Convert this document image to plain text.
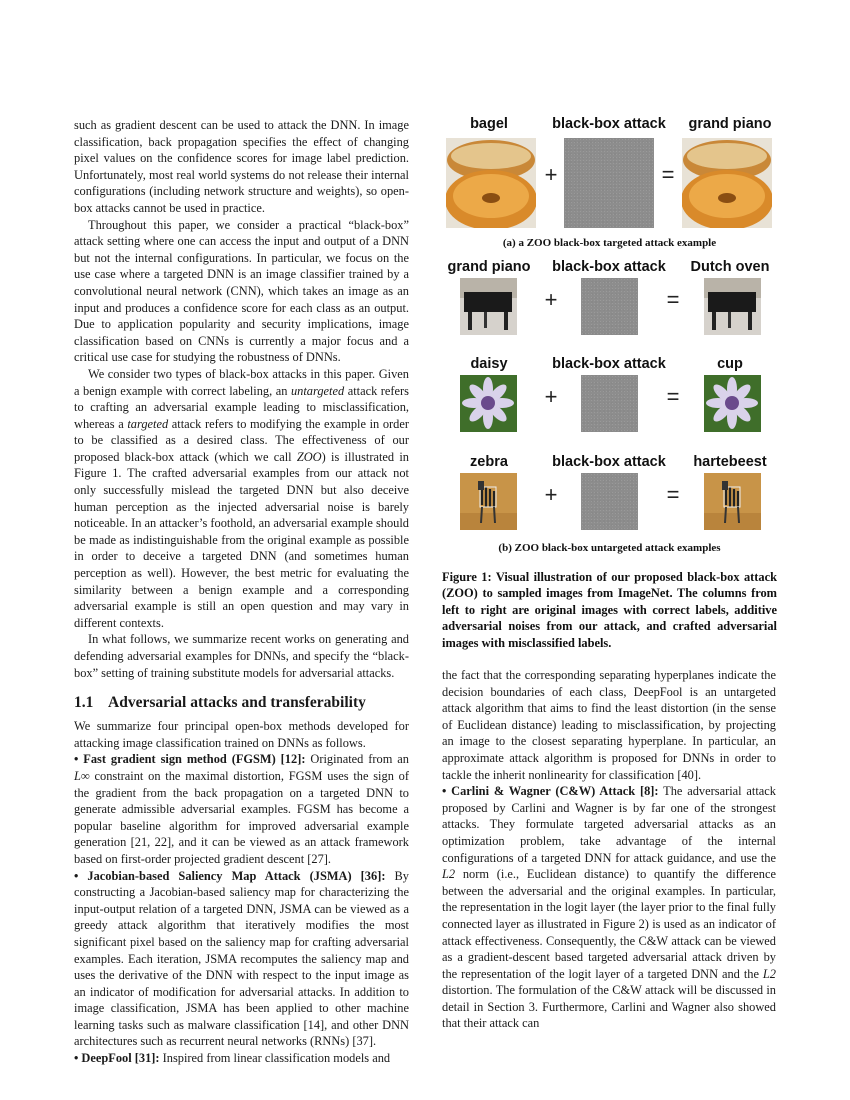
such as gradient descent can be used to attack the DNN. In image classification, back propagation specifies the effect of changing pixel values on the confidence scores for image label prediction. Unfortunately, most real world systems do not release their internal configurations (including network structure and weights), so open-box attacks cannot be used in practice.

Throughout this paper, we consider a practical “black-box” attack setting where one can access the input and output of a DNN but not the internal configurations. In particular, we focus on the use case where a targeted DNN is an image classifier trained by a convolutional neural network (CNN), which takes an image as an input and produces a confidence score for each class as an output. Due to application popularity and security implications, image classification based on CNNs is currently a major focus and a critical use case for studying the robustness of DNNs.

We consider two types of black-box attacks in this paper. Given a benign example with correct labeling, an untargeted attack refers to crafting an adversarial example leading to misclassification, whereas a targeted attack refers to modifying the example in order to be classified as a desired class. The effectiveness of our proposed black-box attack (which we call ZOO) is illustrated in Figure 1. The crafted adversarial examples from our attack not only successfully mislead the targeted DNN but also deceive human perception as the injected adversarial noise is barely noticeable. In an attacker’s foothold, an adversarial example should be made as indistinguishable from the original example as possible in order to deceive a targeted DNN (and sometimes human perception as well). However, the best metric for evaluating the similarity between a benign example and a corresponding adversarial example is still an open question and may vary in different contexts.

In what follows, we summarize recent works on generating and defending adversarial examples for DNNs, and specify the “black-box” setting of training substitute models for adversarial attacks.

1.1 Adversarial attacks and transferability

We summarize four principal open-box methods developed for attacking image classification trained on DNNs as follows.

• Fast gradient sign method (FGSM) [12]: Originated from an L∞ constraint on the maximal distortion, FGSM uses the sign of the gradient from the back propagation on a targeted DNN to generate admissible adversarial examples. FGSM has become a popular baseline algorithm for improved adversarial example generation [21, 22], and it can be viewed as an attack framework based on first-order projected gradient descent [27].

• Jacobian-based Saliency Map Attack (JSMA) [36]: By constructing a Jacobian-based saliency map for characterizing the input-output relation of a targeted DNN, JSMA can be viewed as a greedy attack algorithm that iteratively modifies the most significant pixel based on the saliency map for crafting adversarial examples. Each iteration, JSMA recomputes the saliency map and uses the derivative of the DNN with respect to the input image as an indicator of modification for adversarial attacks. In addition to image classification, JSMA has been applied to other machine learning tasks such as malware classification [14], and other DNN architectures such as recurrent neural networks (RNNs) [37].

• DeepFool [31]: Inspired from linear classification models and

bagel	black-box attack	grand piano
+	=
(a) a ZOO black-box targeted attack example
grand piano	black-box attack	Dutch oven
+	=
daisy	black-box attack	cup
+	=
zebra	black-box attack	hartebeest
+	=
(b) ZOO black-box untargeted attack examples
Figure 1: Visual illustration of our proposed black-box attack (ZOO) to sampled images from ImageNet. The columns from left to right are original images with correct labels, additive adversarial noises from our attack, and crafted adversarial images with misclassified labels.

the fact that the corresponding separating hyperplanes indicate the decision boundaries of each class, DeepFool is an untargeted attack algorithm that aims to find the least distortion (in the sense of Euclidean distance) leading to misclassification, by projecting an image to the closest separating hyperplane. In particular, an approximate attack algorithm is proposed for DNNs in order to tackle the inherit nonlinearity for classification [40].

• Carlini & Wagner (C&W) Attack [8]: The adversarial attack proposed by Carlini and Wagner is by far one of the strongest attacks. They formulate targeted adversarial attacks as an optimization problem, take advantage of the internal configurations of a targeted DNN for attack guidance, and use the L2 norm (i.e., Euclidean distance) to quantify the difference between the adversarial and the original examples. In particular, the representation in the logit layer (the layer prior to the final fully connected layer as illustrated in Figure 2) is used as an indicator of attack effectiveness. Consequently, the C&W attack can be viewed as a gradient-descent based targeted adversarial attack driven by the representation of the logit layer of a targeted DNN and the L2 distortion. The formulation of the C&W attack will be discussed in detail in Section 3. Furthermore, Carlini and Wagner also showed that their attack can
